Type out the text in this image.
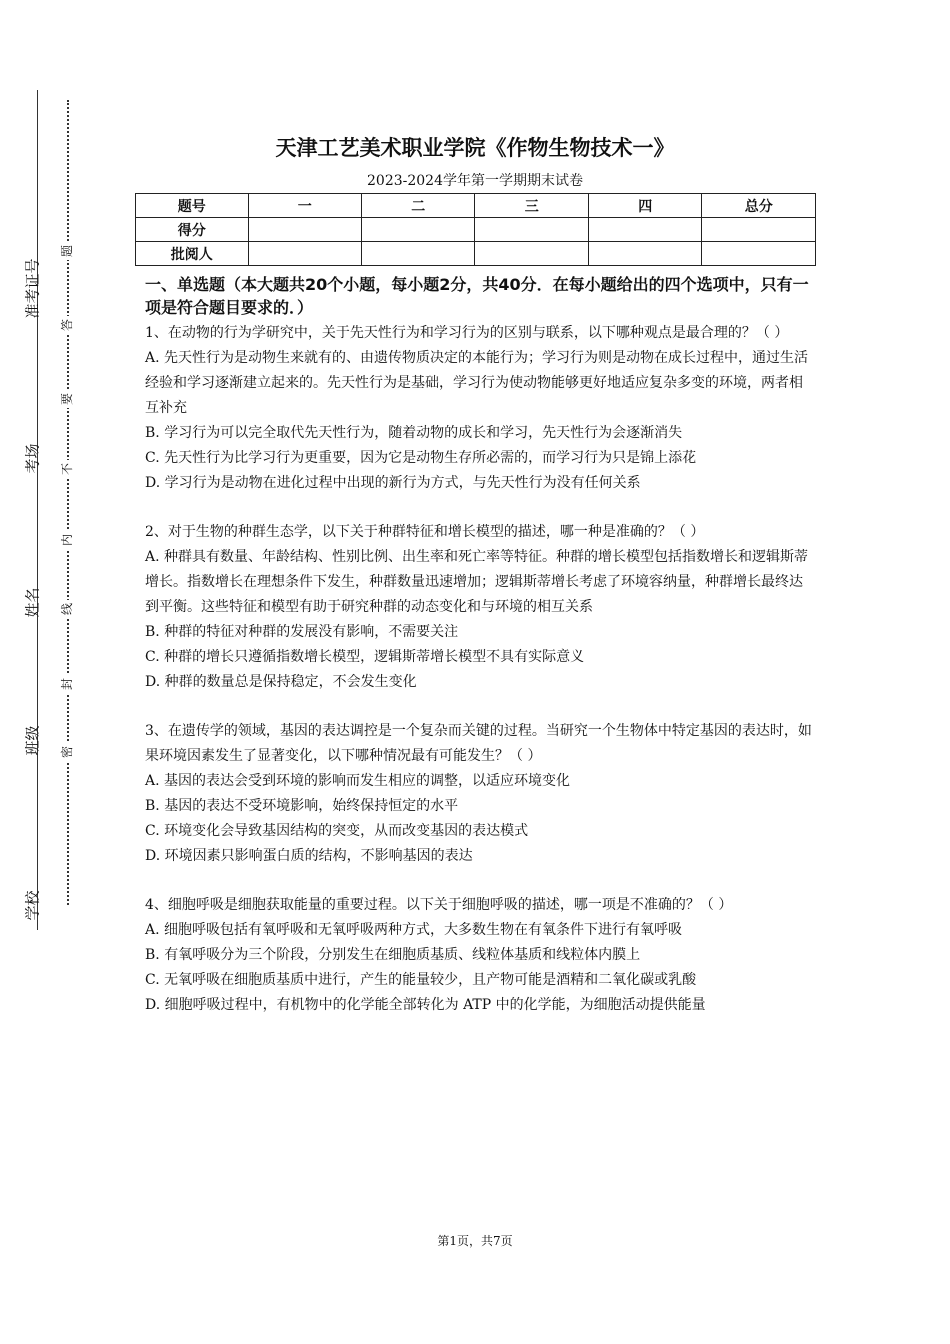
准考证号
考场
姓名
班级
学校
题
答
要
不
内
线
封
密
天津工艺美术职业学院《作物生物技术一》
2023-2024学年第一学期期末试卷
题号	一	二	三	四	总分
得分					
批阅人					
一、单选题（本大题共20个小题，每小题2分，共40分．在每小题给出的四个选项中，只有一项是符合题目要求的．）
1、在动物的行为学研究中，关于先天性行为和学习行为的区别与联系，以下哪种观点是最合理的？（ ）
A. 先天性行为是动物生来就有的、由遗传物质决定的本能行为；学习行为则是动物在成长过程中，通过生活经验和学习逐渐建立起来的。先天性行为是基础，学习行为使动物能够更好地适应复杂多变的环境，两者相互补充
B. 学习行为可以完全取代先天性行为，随着动物的成长和学习，先天性行为会逐渐消失
C. 先天性行为比学习行为更重要，因为它是动物生存所必需的，而学习行为只是锦上添花
D. 学习行为是动物在进化过程中出现的新行为方式，与先天性行为没有任何关系
2、对于生物的种群生态学，以下关于种群特征和增长模型的描述，哪一种是准确的？（ ）
A. 种群具有数量、年龄结构、性别比例、出生率和死亡率等特征。种群的增长模型包括指数增长和逻辑斯蒂增长。指数增长在理想条件下发生，种群数量迅速增加；逻辑斯蒂增长考虑了环境容纳量，种群增长最终达到平衡。这些特征和模型有助于研究种群的动态变化和与环境的相互关系
B. 种群的特征对种群的发展没有影响，不需要关注
C. 种群的增长只遵循指数增长模型，逻辑斯蒂增长模型不具有实际意义
D. 种群的数量总是保持稳定，不会发生变化
3、在遗传学的领域，基因的表达调控是一个复杂而关键的过程。当研究一个生物体中特定基因的表达时，如果环境因素发生了显著变化，以下哪种情况最有可能发生？（ ）
A. 基因的表达会受到环境的影响而发生相应的调整，以适应环境变化
B. 基因的表达不受环境影响，始终保持恒定的水平
C. 环境变化会导致基因结构的突变，从而改变基因的表达模式
D. 环境因素只影响蛋白质的结构，不影响基因的表达
4、细胞呼吸是细胞获取能量的重要过程。以下关于细胞呼吸的描述，哪一项是不准确的？（ ）
A. 细胞呼吸包括有氧呼吸和无氧呼吸两种方式，大多数生物在有氧条件下进行有氧呼吸
B. 有氧呼吸分为三个阶段，分别发生在细胞质基质、线粒体基质和线粒体内膜上
C. 无氧呼吸在细胞质基质中进行，产生的能量较少，且产物可能是酒精和二氧化碳或乳酸
D. 细胞呼吸过程中，有机物中的化学能全部转化为 ATP 中的化学能，为细胞活动提供能量
第1页，共7页
